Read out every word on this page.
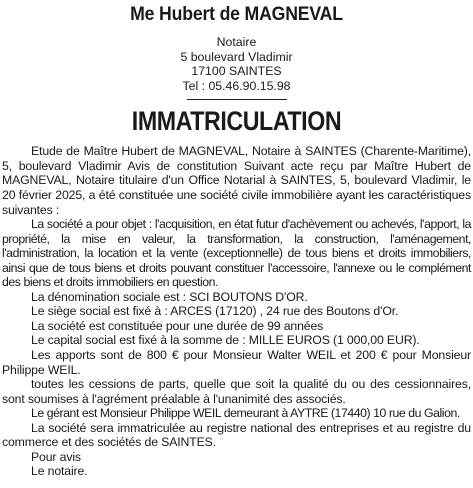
Me Hubert de MAGNEVAL
Notaire
5 boulevard Vladimir
17100 SAINTES
Tel : 05.46.90.15.98
IMMATRICULATION

Etude de Maître Hubert de MAGNEVAL, Notaire à SAINTES (Charente-Maritime), 5, boulevard Vladimir Avis de constitution Suivant acte reçu par Maître Hubert de MAGNEVAL, Notaire titulaire d'un Office Notarial à SAINTES, 5, boulevard Vladimir, le 20 février 2025, a été constituée une société civile immobilière ayant les caractéristiques suivantes :

La société a pour objet : l'acquisition, en état futur d'achèvement ou achevés, l'apport, la propriété, la mise en valeur, la transformation, la construction, l'aménagement, l'administration, la location et la vente (exceptionnelle) de tous biens et droits immobiliers, ainsi que de tous biens et droits pouvant constituer l'accessoire, l'annexe ou le complément des biens et droits immobiliers en question.

La dénomination sociale est : SCI BOUTONS D'OR.

Le siège social est fixé à : ARCES (17120) , 24 rue des Boutons d'Or.

La société est constituée pour une durée de 99 années

Le capital social est fixé à la somme de : MILLE EUROS (1 000,00 EUR).

Les apports sont de 800 € pour Monsieur Walter WEIL et 200 € pour Monsieur Philippe WEIL.

toutes les cessions de parts, quelle que soit la qualité du ou des cessionnaires, sont soumises à l'agrément préalable à l'unanimité des associés.

Le gérant est Monsieur Philippe WEIL demeurant à AYTRE (17440) 10 rue du Galion.

La société sera immatriculée au registre national des entreprises et au registre du commerce et des sociétés de SAINTES.

Pour avis

Le notaire.
